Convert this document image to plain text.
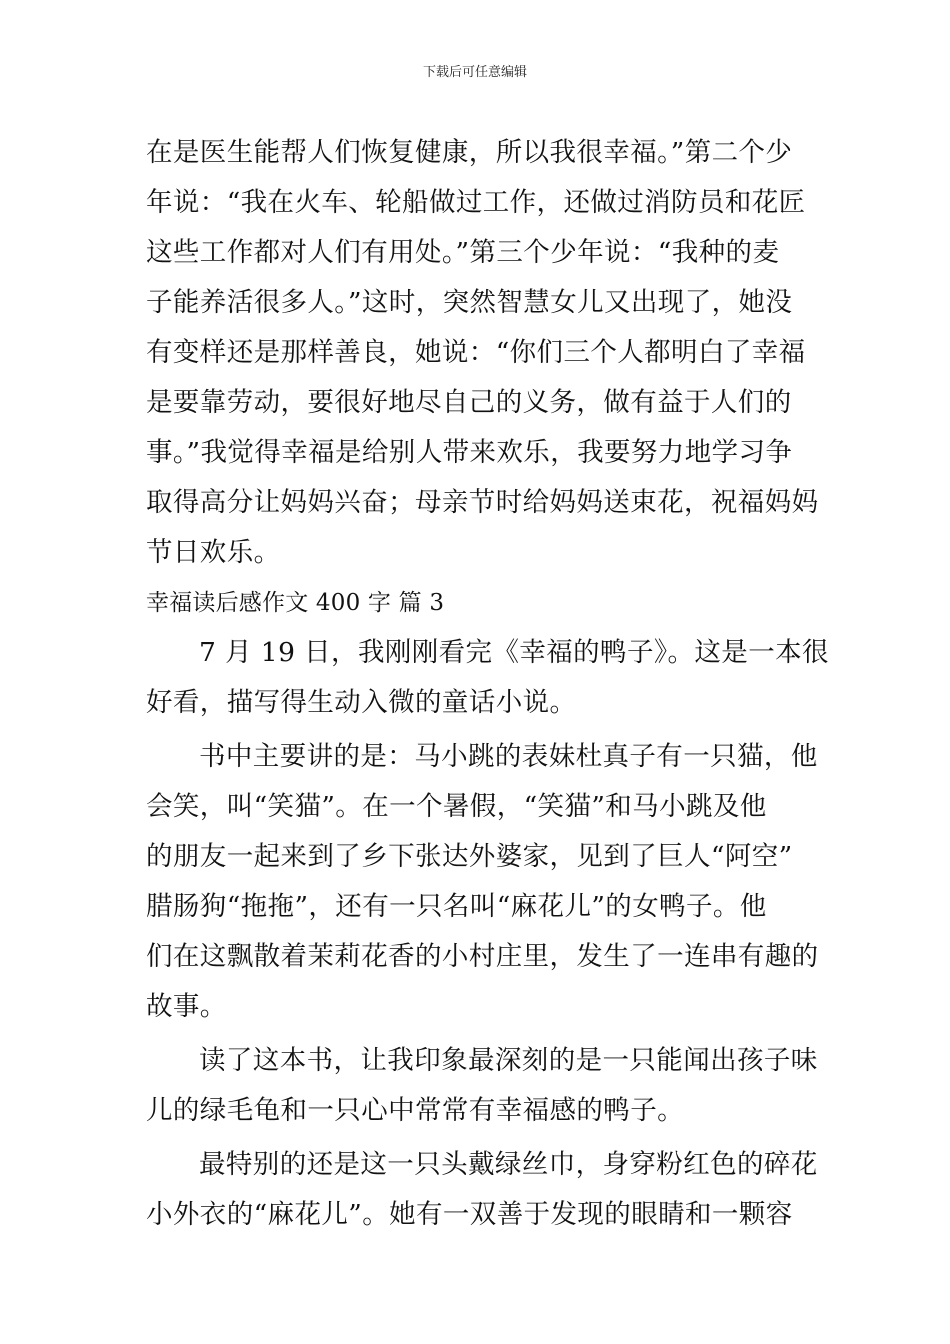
下载后可任意编辑
在是医生能帮人们恢复健康，所以我很幸福。”第二个少
年说：“我在火车、轮船做过工作，还做过消防员和花匠
这些工作都对人们有用处。”第三个少年说：“我种的麦
子能养活很多人。”这时，突然智慧女儿又出现了，她没
有变样还是那样善良，她说：“你们三个人都明白了幸福
是要靠劳动，要很好地尽自己的义务，做有益于人们的
事。”我觉得幸福是给别人带来欢乐，我要努力地学习争
取得高分让妈妈兴奋；母亲节时给妈妈送束花，祝福妈妈
节日欢乐。
幸福读后感作文 400 字 篇 3
7 月 19 日，我刚刚看完《幸福的鸭子》。这是一本很
好看，描写得生动入微的童话小说。
书中主要讲的是：马小跳的表妹杜真子有一只猫，他
会笑，叫“笑猫”。在一个暑假，“笑猫”和马小跳及他
的朋友一起来到了乡下张达外婆家，见到了巨人“阿空”
腊肠狗“拖拖”，还有一只名叫“麻花儿”的女鸭子。他
们在这飘散着茉莉花香的小村庄里，发生了一连串有趣的
故事。
读了这本书，让我印象最深刻的是一只能闻出孩子味
儿的绿毛龟和一只心中常常有幸福感的鸭子。
最特别的还是这一只头戴绿丝巾，身穿粉红色的碎花
小外衣的“麻花儿”。她有一双善于发现的眼睛和一颗容
